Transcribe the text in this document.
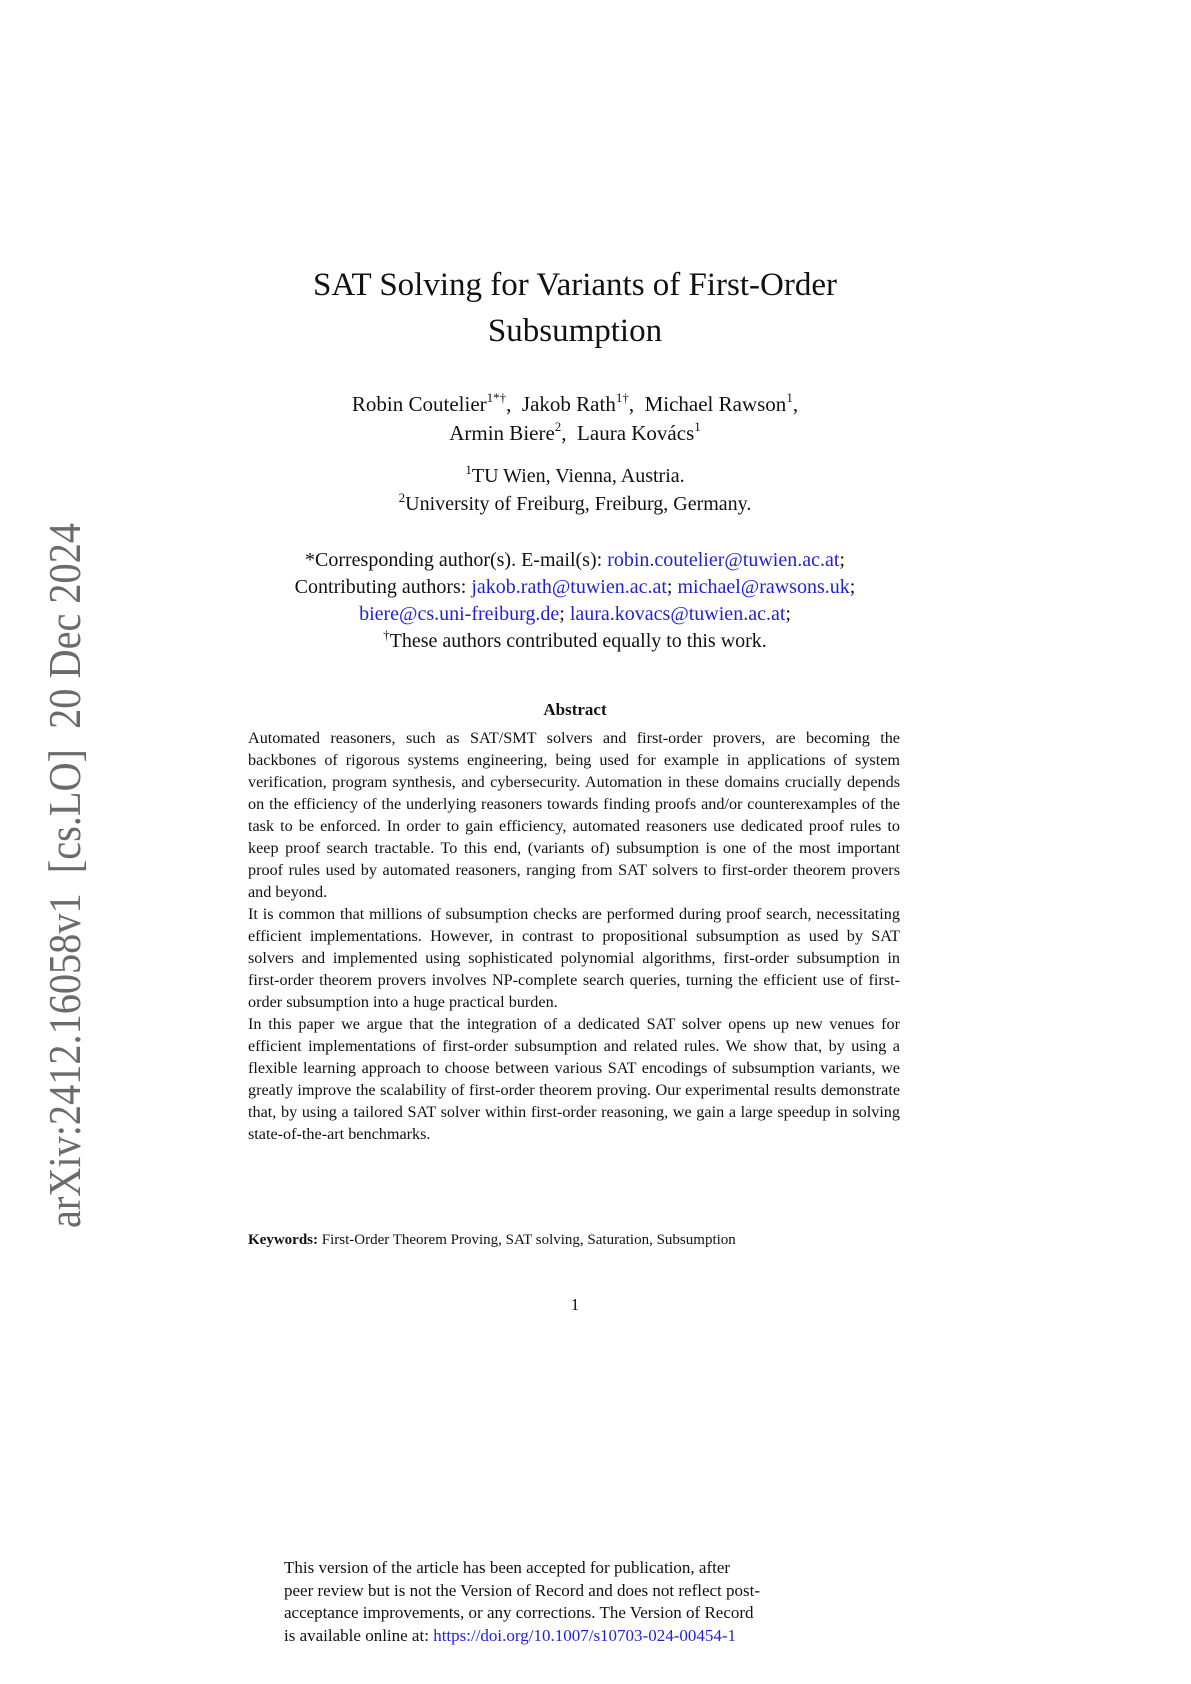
arXiv:2412.16058v1  [cs.LO]  20 Dec 2024
SAT Solving for Variants of First-Order
Subsumption
Robin Coutelier$^{1*\dagger}$,  Jakob Rath$^{1\dagger}$,  Michael Rawson$^1$,
Armin Biere$^2$,  Laura Kovács$^1$
$^1$TU Wien, Vienna, Austria.
$^2$University of Freiburg, Freiburg, Germany.
*Corresponding author(s). E-mail(s): robin.coutelier@tuwien.ac.at;
Contributing authors: jakob.rath@tuwien.ac.at; michael@rawsons.uk;
biere@cs.uni-freiburg.de; laura.kovacs@tuwien.ac.at;
†These authors contributed equally to this work.
Abstract

Automated reasoners, such as SAT/SMT solvers and first-order provers, are becoming the backbones of rigorous systems engineering, being used for example in applications of system verification, program synthesis, and cybersecurity. Automation in these domains crucially depends on the efficiency of the underlying reasoners towards finding proofs and/or counterexamples of the task to be enforced. In order to gain efficiency, automated reasoners use dedicated proof rules to keep proof search tractable. To this end, (variants of) subsumption is one of the most important proof rules used by automated reasoners, ranging from SAT solvers to first-order theorem provers and beyond.

It is common that millions of subsumption checks are performed during proof search, necessitating efficient implementations. However, in contrast to propositional subsumption as used by SAT solvers and implemented using sophisticated polynomial algorithms, first-order subsumption in first-order theorem provers involves NP-complete search queries, turning the efficient use of first-order subsumption into a huge practical burden.

In this paper we argue that the integration of a dedicated SAT solver opens up new venues for efficient implementations of first-order subsumption and related rules. We show that, by using a flexible learning approach to choose between various SAT encodings of subsumption variants, we greatly improve the scalability of first-order theorem proving. Our experimental results demonstrate that, by using a tailored SAT solver within first-order reasoning, we gain a large speedup in solving state-of-the-art benchmarks.

Keywords: First-Order Theorem Proving, SAT solving, Saturation, Subsumption
1
This version of the article has been accepted for publication, after
peer review but is not the Version of Record and does not reflect post-
acceptance improvements, or any corrections. The Version of Record
is available online at: https://doi.org/10.1007/s10703-024-00454-1
